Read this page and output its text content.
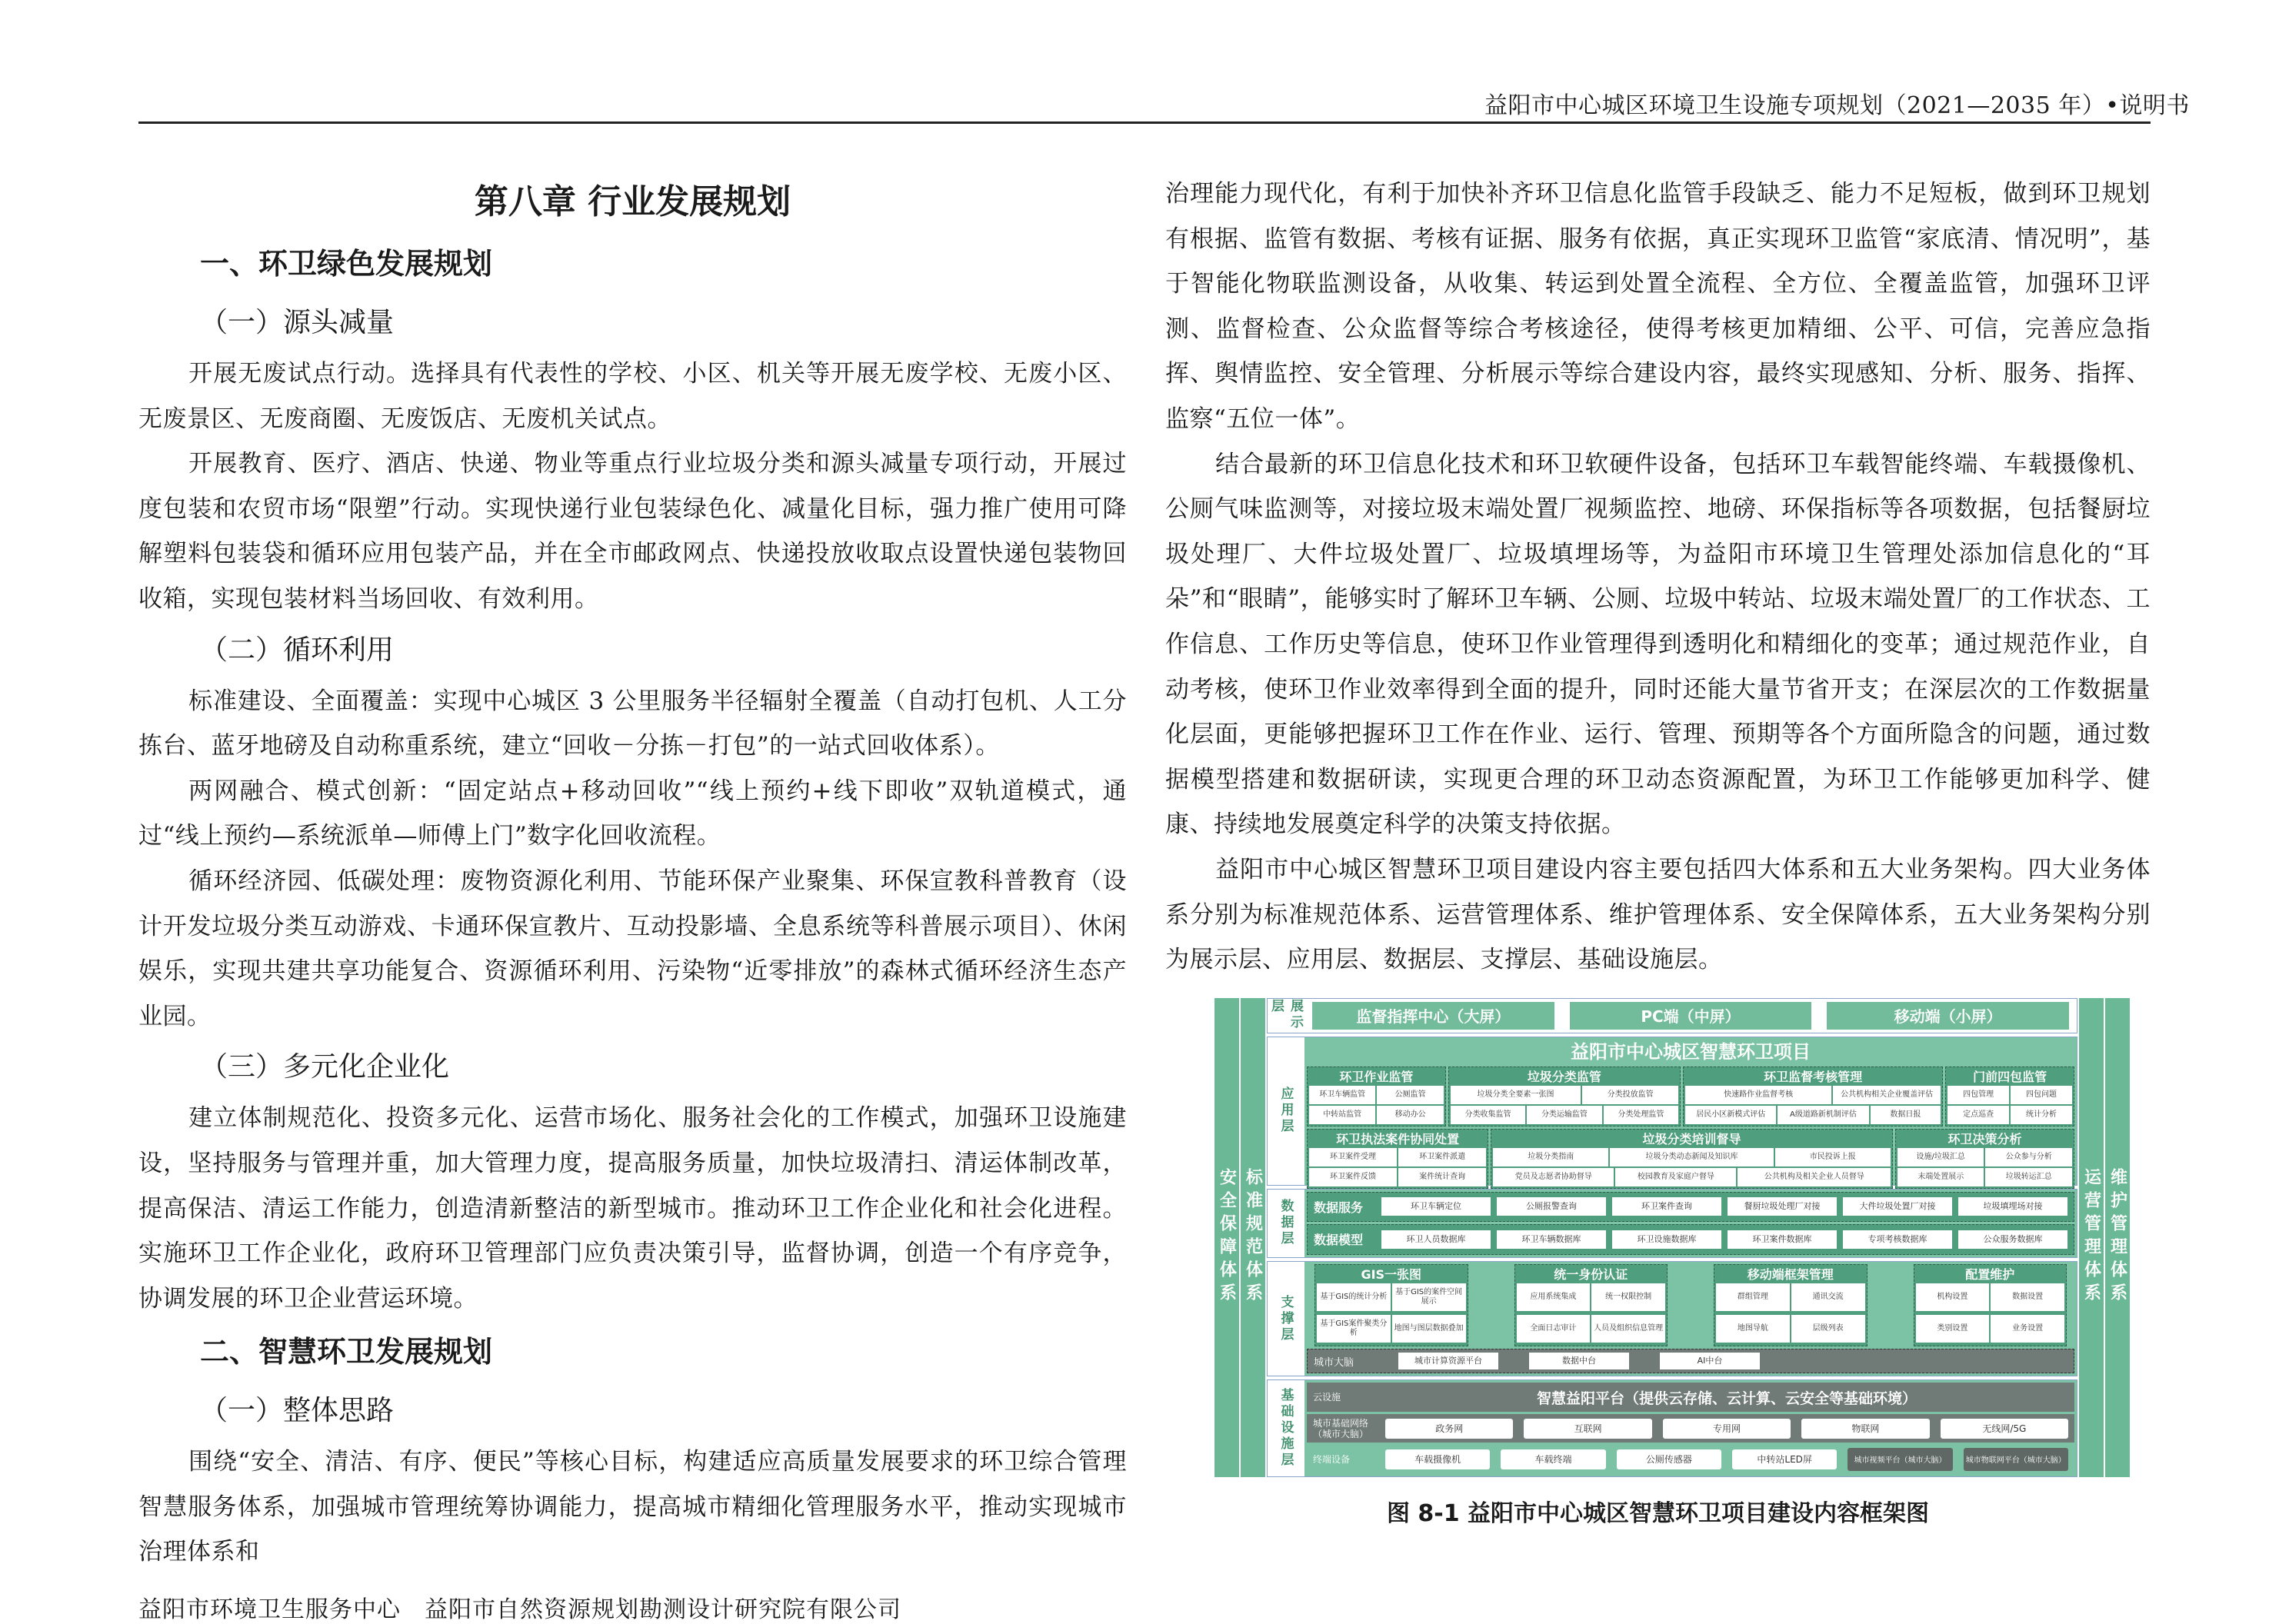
益阳市中心城区环境卫生设施专项规划（2021—2035 年）•说明书
第八章 行业发展规划
一、环卫绿色发展规划
（一）源头减量

开展无废试点行动。选择具有代表性的学校、小区、机关等开展无废学校、无废小区、无废景区、无废商圈、无废饭店、无废机关试点。

开展教育、医疗、酒店、快递、物业等重点行业垃圾分类和源头减量专项行动，开展过度包装和农贸市场“限塑”行动。实现快递行业包装绿色化、减量化目标，强力推广使用可降解塑料包装袋和循环应用包装产品，并在全市邮政网点、快递投放收取点设置快递包装物回收箱，实现包装材料当场回收、有效利用。

（二）循环利用

标准建设、全面覆盖：实现中心城区 3 公里服务半径辐射全覆盖（自动打包机、人工分拣台、蓝牙地磅及自动称重系统，建立“回收－分拣－打包”的一站式回收体系）。

两网融合、模式创新：“固定站点+移动回收”“线上预约+线下即收”双轨道模式，通过“线上预约—系统派单—师傅上门”数字化回收流程。

循环经济园、低碳处理：废物资源化利用、节能环保产业聚集、环保宣教科普教育（设计开发垃圾分类互动游戏、卡通环保宣教片、互动投影墙、全息系统等科普展示项目）、休闲娱乐，实现共建共享功能复合、资源循环利用、污染物“近零排放”的森林式循环经济生态产业园。

（三）多元化企业化

建立体制规范化、投资多元化、运营市场化、服务社会化的工作模式，加强环卫设施建设，坚持服务与管理并重，加大管理力度，提高服务质量，加快垃圾清扫、清运体制改革，提高保洁、清运工作能力，创造清新整洁的新型城市。推动环卫工作企业化和社会化进程。实施环卫工作企业化，政府环卫管理部门应负责决策引导，监督协调，创造一个有序竞争，协调发展的环卫企业营运环境。

二、智慧环卫发展规划
（一）整体思路

围绕“安全、清洁、有序、便民”等核心目标，构建适应高质量发展要求的环卫综合管理智慧服务体系，加强城市管理统筹协调能力，提高城市精细化管理服务水平，推动实现城市治理体系和

益阳市环境卫生服务中心　益阳市自然资源规划勘测设计研究院有限公司

治理能力现代化，有利于加快补齐环卫信息化监管手段缺乏、能力不足短板，做到环卫规划有根据、监管有数据、考核有证据、服务有依据，真正实现环卫监管“家底清、情况明”，基于智能化物联监测设备，从收集、转运到处置全流程、全方位、全覆盖监管，加强环卫评测、监督检查、公众监督等综合考核途径，使得考核更加精细、公平、可信，完善应急指挥、舆情监控、安全管理、分析展示等综合建设内容，最终实现感知、分析、服务、指挥、监察“五位一体”。

结合最新的环卫信息化技术和环卫软硬件设备，包括环卫车载智能终端、车载摄像机、公厕气味监测等，对接垃圾末端处置厂视频监控、地磅、环保指标等各项数据，包括餐厨垃圾处理厂、大件垃圾处置厂、垃圾填埋场等，为益阳市环境卫生管理处添加信息化的“耳朵”和“眼睛”，能够实时了解环卫车辆、公厕、垃圾中转站、垃圾末端处置厂的工作状态、工作信息、工作历史等信息，使环卫作业管理得到透明化和精细化的变革；通过规范作业，自动考核，使环卫作业效率得到全面的提升，同时还能大量节省开支；在深层次的工作数据量化层面，更能够把握环卫工作在作业、运行、管理、预期等各个方面所隐含的问题，通过数据模型搭建和数据研读，实现更合理的环卫动态资源配置，为环卫工作能够更加科学、健康、持续地发展奠定科学的决策支持依据。

益阳市中心城区智慧环卫项目建设内容主要包括四大体系和五大业务架构。四大业务体系分别为标准规范体系、运营管理体系、维护管理体系、安全保障体系，五大业务架构分别为展示层、应用层、数据层、支撑层、基础设施层。

安全保障体系 标准规范体系
展示层
监督指挥中心（大屏）	PC端（中屏）	移动端（小屏）
应用层
益阳市中心城区智慧环卫项目
环卫作业监管
环卫车辆监管	公厕监管
中转站监管	移动办公
垃圾分类监管
垃圾分类全要素一张图	分类投放监管
分类收集监管	分类运输监管	分类处理监管
环卫监督考核管理
快速路作业监督考核	公共机构相关企业覆盖评估
居民小区新模式评估	A级道路新机制评估	数据日报
门前四包监管
四包管理	四包问题
定点巡查	统计分析
环卫执法案件协同处置
环卫案件受理	环卫案件派遣
环卫案件反馈	案件统计查询
垃圾分类培训督导
垃圾分类指南	垃圾分类动态新闻及知识库	市民投诉上报
党员及志愿者协助督导	校园教育及家庭户督导	公共机构及相关企业人员督导
环卫决策分析
设施/垃圾汇总	公众参与分析
末端处置展示	垃圾转运汇总
数据层	数据服务	环卫车辆定位	公厕报警查询	环卫案件查询	餐厨垃圾处理厂对接	大件垃圾处置厂对接	垃圾填埋场对接
数据模型	环卫人员数据库	环卫车辆数据库	环卫设施数据库	环卫案件数据库	专项考核数据库	公众服务数据库
支撑层
GIS一张图
基于GIS的统计分析
基于GIS的案件空间展示
基于GIS案件聚类分析
地图与图层数据叠加
统一身份认证
应用系统集成	统一权限控制
全面日志审计	人员及组织信息管理
移动端框架管理
群组管理	通讯交流
地图导航	层级列表
配置维护
机构设置	数据设置
类别设置	业务设置
城市大脑	城市计算资源平台	数据中台	AI中台
基础设施层	云设施	智慧益阳平台（提供云存储、云计算、云安全等基础环境）
城市基础网络（城市大脑）	政务网	互联网	专用网	物联网	无线网/5G
终端设备	车载摄像机	车载终端	公厕传感器	中转站LED屏	城市视频平台（城市大脑）	城市物联网平台（城市大脑）
运营管理体系 维护管理体系
图 8-1 益阳市中心城区智慧环卫项目建设内容框架图
